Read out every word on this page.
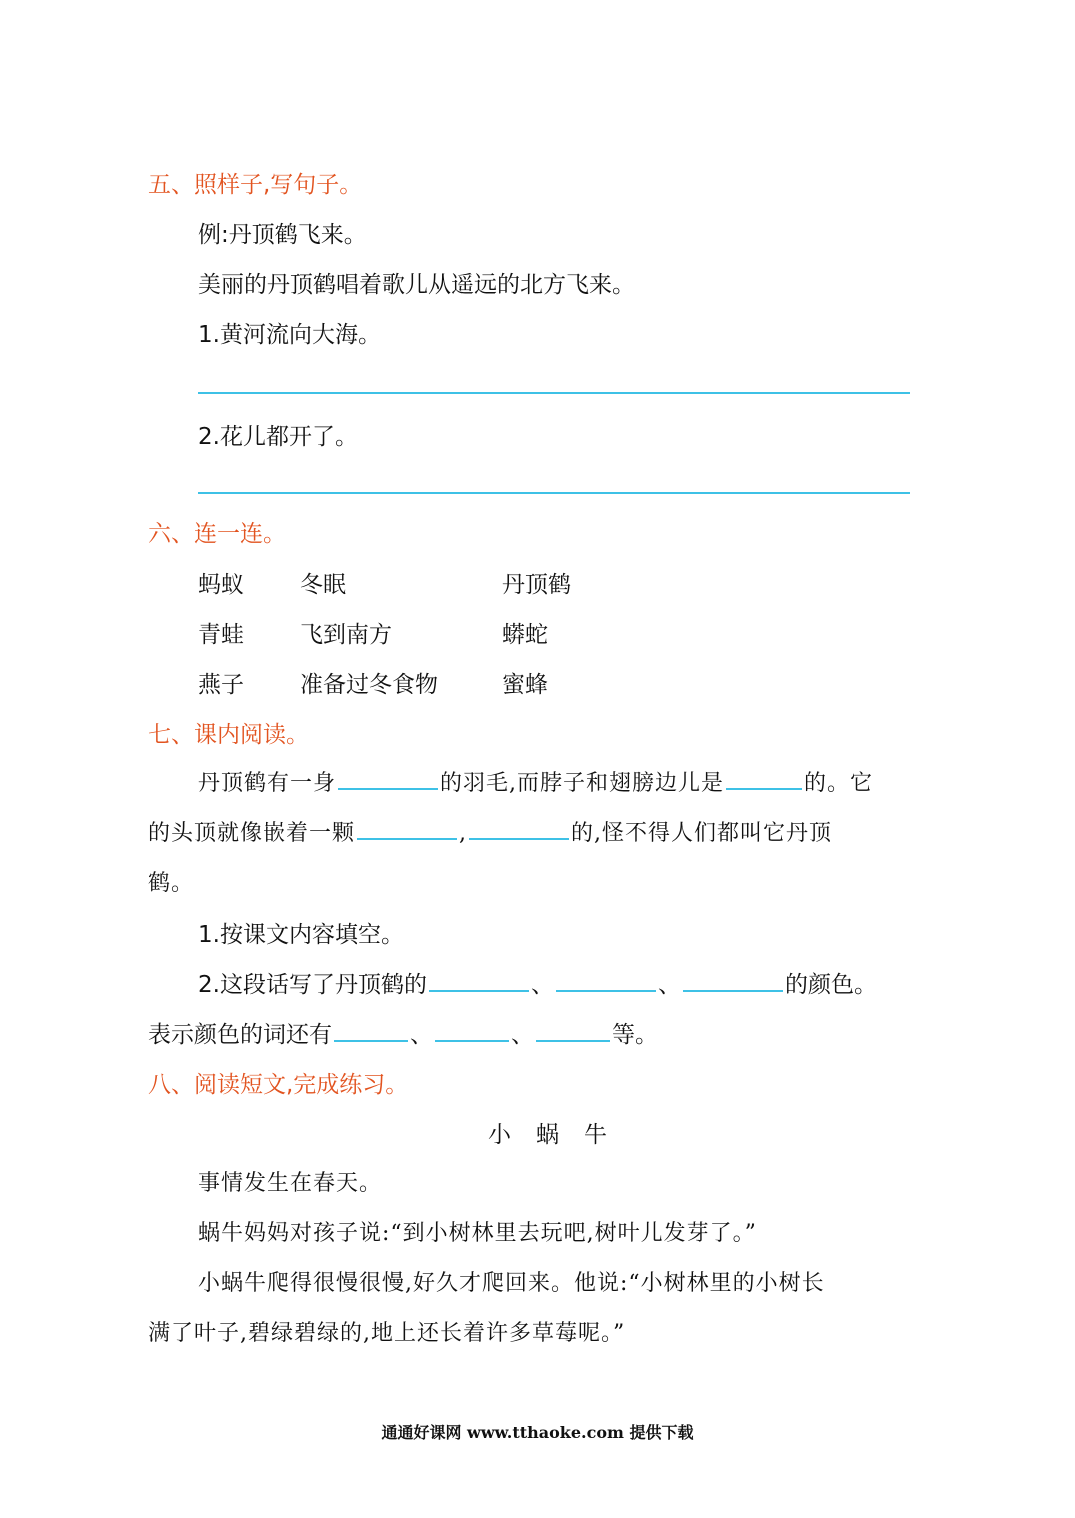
五、照样子,写句子。
例:丹顶鹤飞来。
美丽的丹顶鹤唱着歌儿从遥远的北方飞来。
1.黄河流向大海。
2.花儿都开了。
六、连一连。
蚂蚁 冬眠	丹顶鹤
青蛙 飞到南方	蟒蛇
燕子 准备过冬食物	蜜蜂
七、课内阅读。
丹顶鹤有一身	的羽毛,而脖子和翅膀边儿是	的。它
的头顶就像嵌着一颗	,	的,怪不得人们都叫它丹顶
鹤。
1.按课文内容填空。
2.这段话写了丹顶鹤的	、	、	的颜色。
表示颜色的词还有	、	、	等。
八、阅读短文,完成练习。
小　蜗　牛
事情发生在春天。
蜗牛妈妈对孩子说:“到小树林里去玩吧,树叶儿发芽了。”
小蜗牛爬得很慢很慢,好久才爬回来。他说:“小树林里的小树长
满了叶子,碧绿碧绿的,地上还长着许多草莓呢。”
通通好课网 www.tthaoke.com 提供下载
